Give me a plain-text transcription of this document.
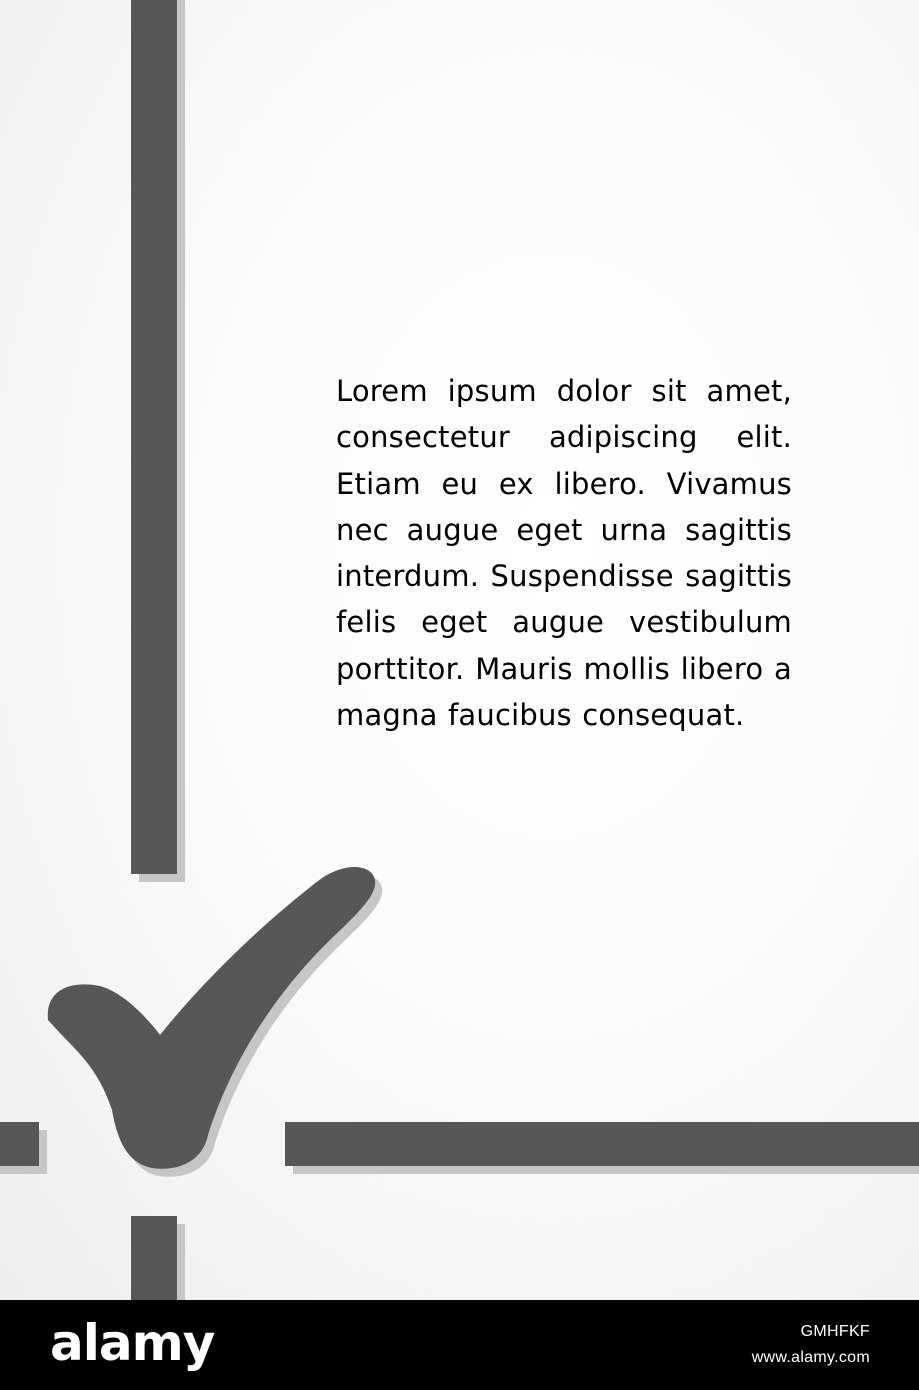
Lorem ipsum dolor sit amet, consectetur adipiscing elit. Etiam eu ex libero. Vivamus nec augue eget urna sagittis interdum. Suspendisse sagittis felis eget augue vestibulum porttitor. Mauris mollis libero a magna faucibus consequat.

alamy	GMHFKF

www.alamy.com
